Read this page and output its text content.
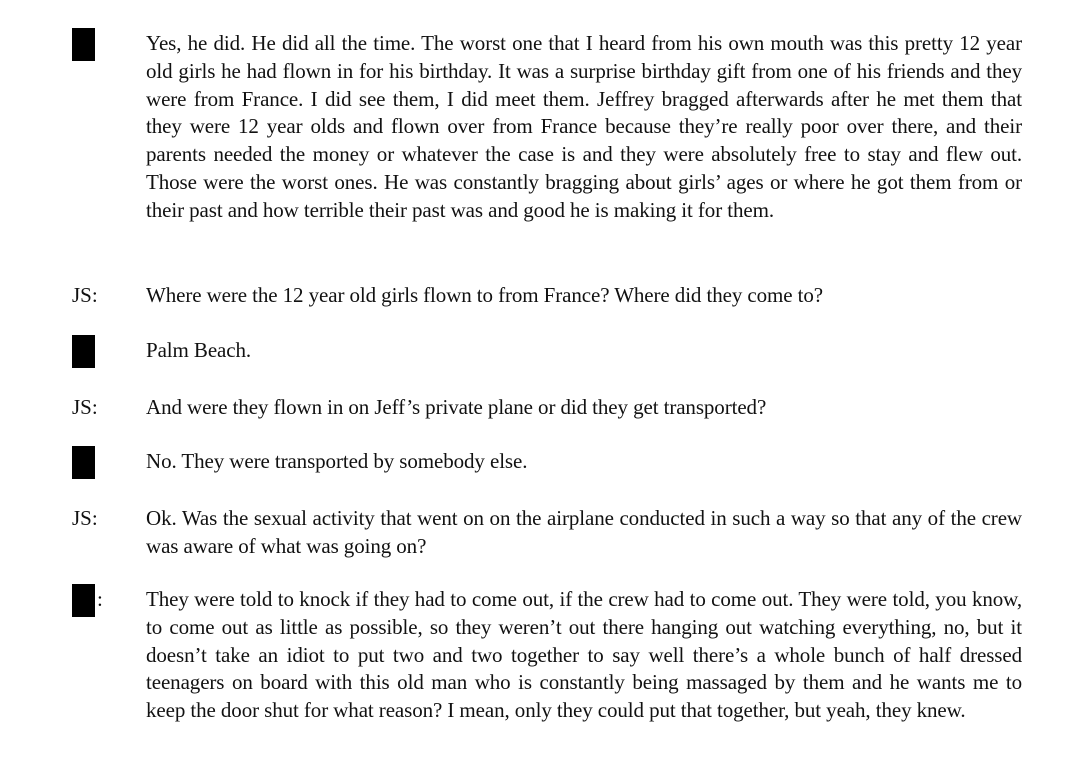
Yes, he did. He did all the time. The worst one that I heard from his own mouth was this pretty 12 year old girls he had flown in for his birthday. It was a surprise birthday gift from one of his friends and they were from France. I did see them, I did meet them. Jeffrey bragged afterwards after he met them that they were 12 year olds and flown over from France because they’re really poor over there, and their parents needed the money or whatever the case is and they were absolutely free to stay and flew out. Those were the worst ones. He was constantly bragging about girls’ ages or where he got them from or their past and how terrible their past was and good he is making it for them.
JS: Where were the 12 year old girls flown to from France? Where did they come to?
Palm Beach.
JS: And were they flown in on Jeff’s private plane or did they get transported?
No. They were transported by somebody else.
JS: Ok. Was the sexual activity that went on on the airplane conducted in such a way so that any of the crew was aware of what was going on?
: They were told to knock if they had to come out, if the crew had to come out. They were told, you know, to come out as little as possible, so they weren’t out there hanging out watching everything, no, but it doesn’t take an idiot to put two and two together to say well there’s a whole bunch of half dressed teenagers on board with this old man who is constantly being massaged by them and he wants me to keep the door shut for what reason? I mean, only they could put that together, but yeah, they knew.
